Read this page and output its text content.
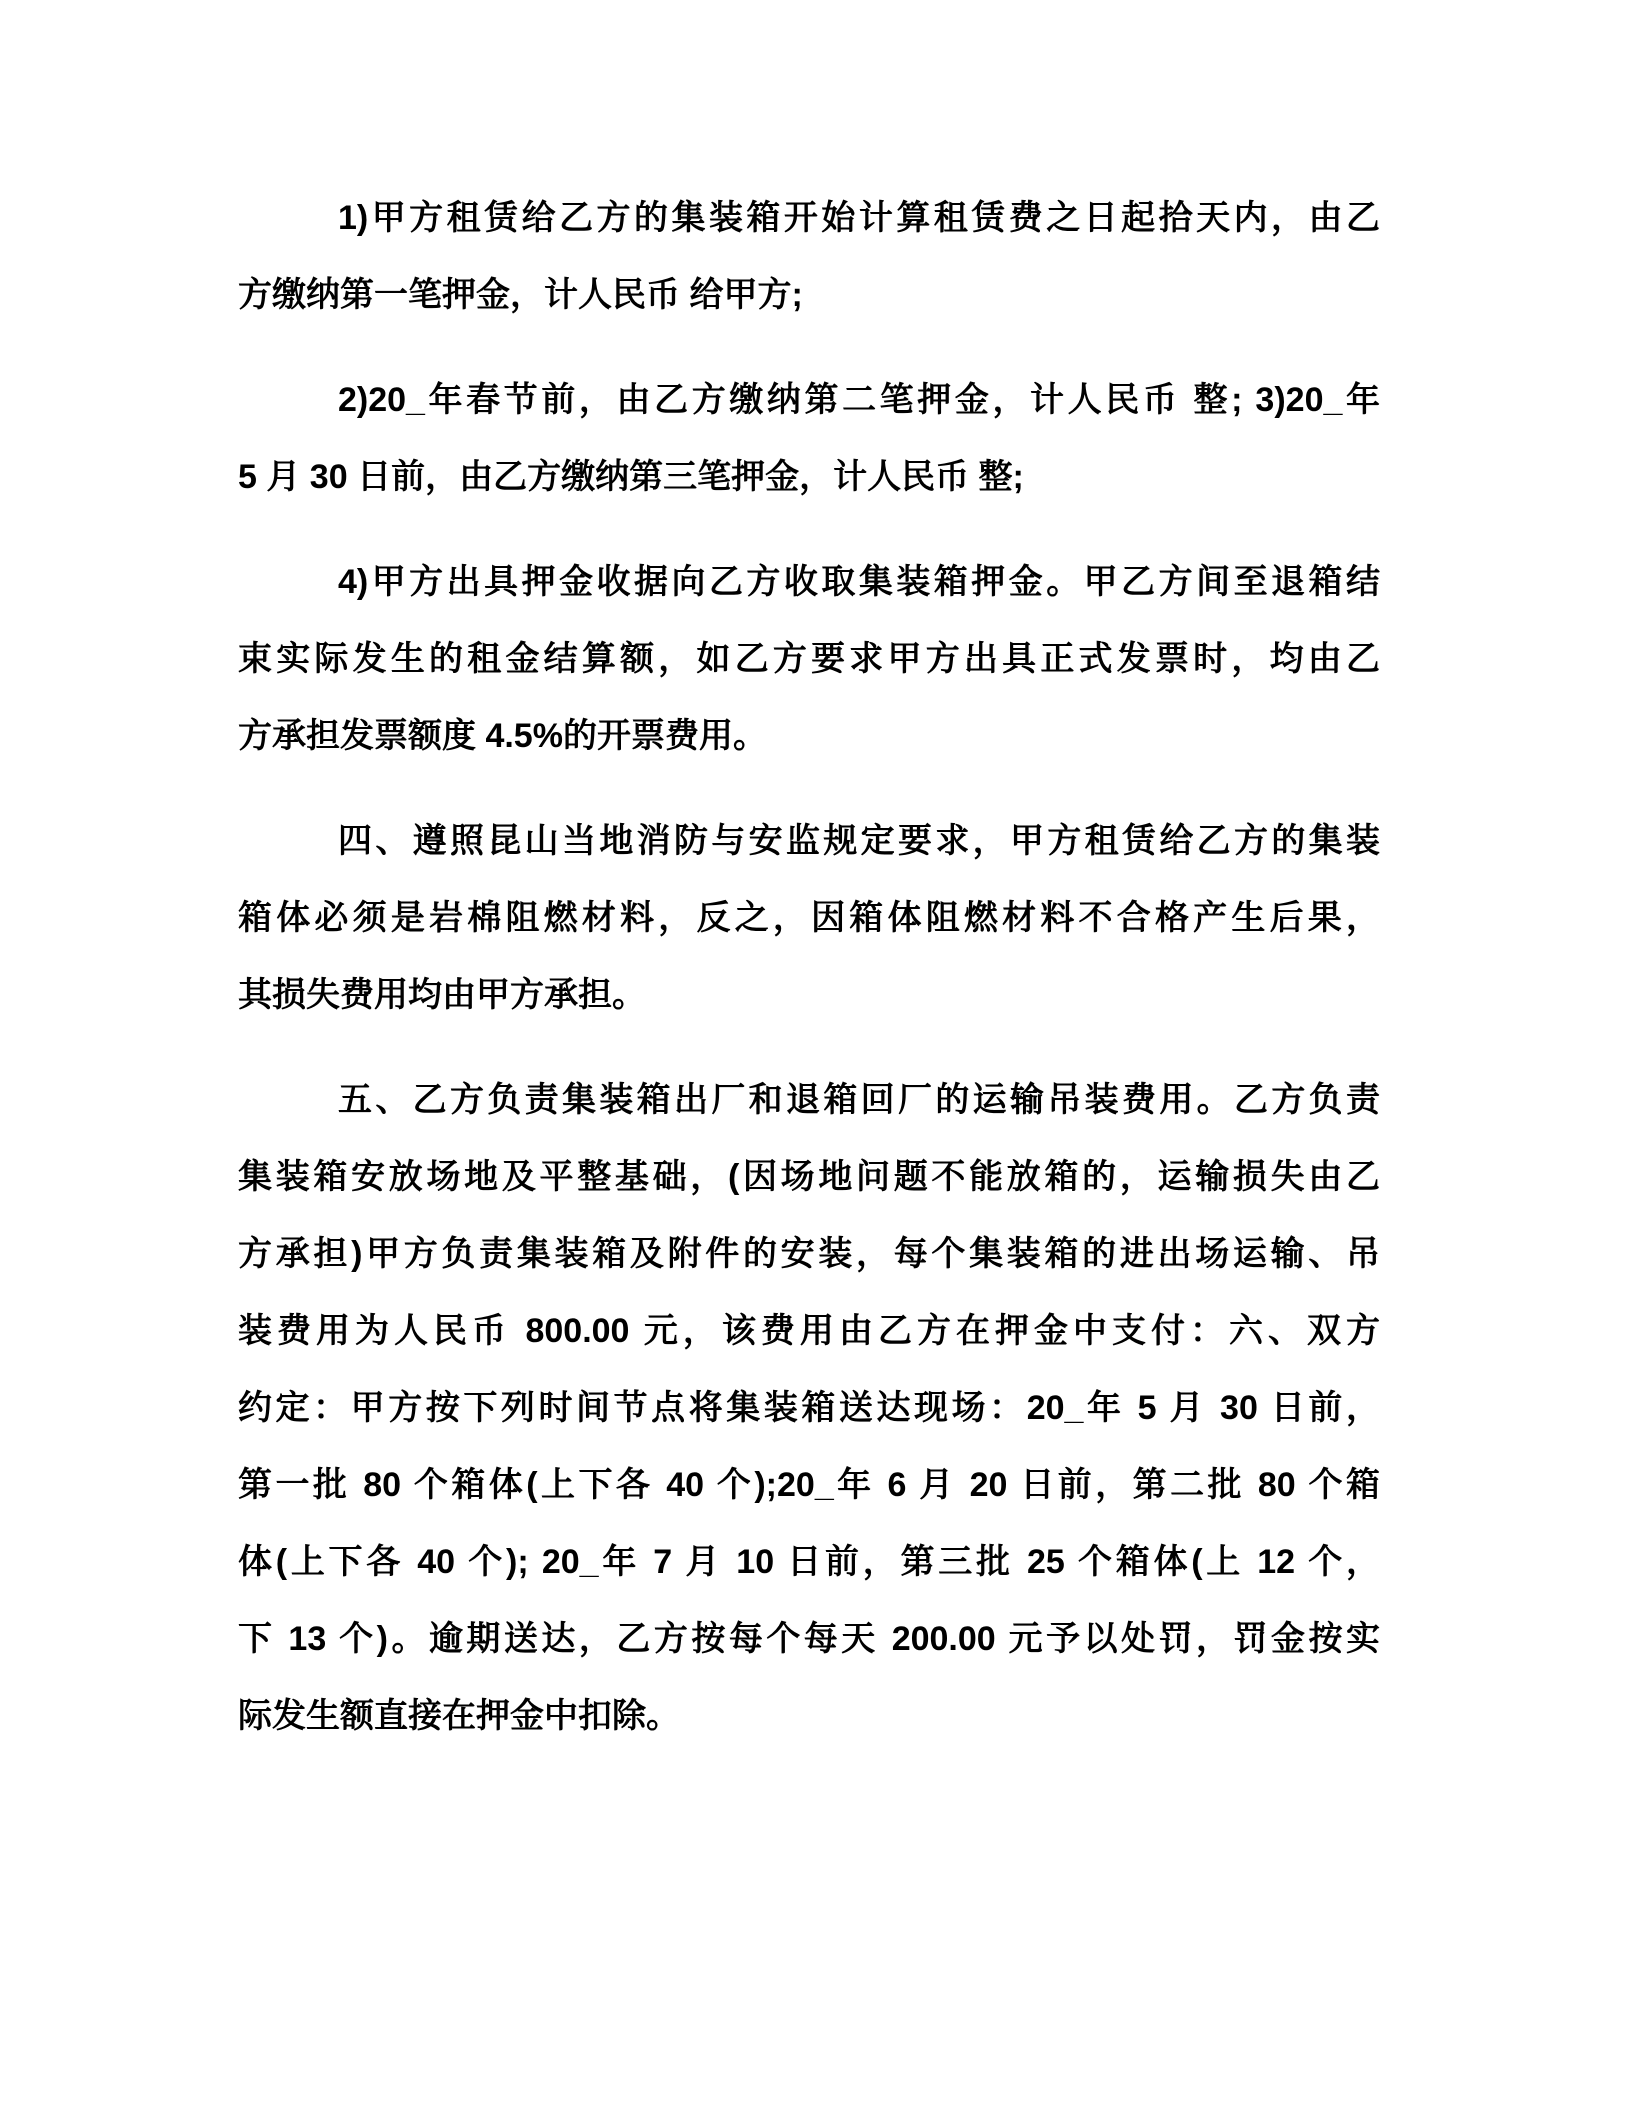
1)甲方租赁给乙方的集装箱开始计算租赁费之日起拾天内，由乙
方缴纳第一笔押金，计人民币 给甲方;
2)20_年春节前，由乙方缴纳第二笔押金，计人民币 整; 3)20_年
5 月 30 日前，由乙方缴纳第三笔押金，计人民币 整;
4)甲方出具押金收据向乙方收取集装箱押金。甲乙方间至退箱结
束实际发生的租金结算额，如乙方要求甲方出具正式发票时，均由乙
方承担发票额度 4.5%的开票费用。
四、遵照昆山当地消防与安监规定要求，甲方租赁给乙方的集装
箱体必须是岩棉阻燃材料，反之，因箱体阻燃材料不合格产生后果，
其损失费用均由甲方承担。
五、乙方负责集装箱出厂和退箱回厂的运输吊装费用。乙方负责
集装箱安放场地及平整基础，(因场地问题不能放箱的，运输损失由乙
方承担)甲方负责集装箱及附件的安装，每个集装箱的进出场运输、吊
装费用为人民币 800.00 元，该费用由乙方在押金中支付：六、双方
约定：甲方按下列时间节点将集装箱送达现场：20_年 5 月 30 日前，
第一批 80 个箱体(上下各 40 个);20_年 6 月 20 日前，第二批 80 个箱
体(上下各 40 个); 20_年 7 月 10 日前，第三批 25 个箱体(上 12 个，
下 13 个)。逾期送达，乙方按每个每天 200.00 元予以处罚，罚金按实
际发生额直接在押金中扣除。
